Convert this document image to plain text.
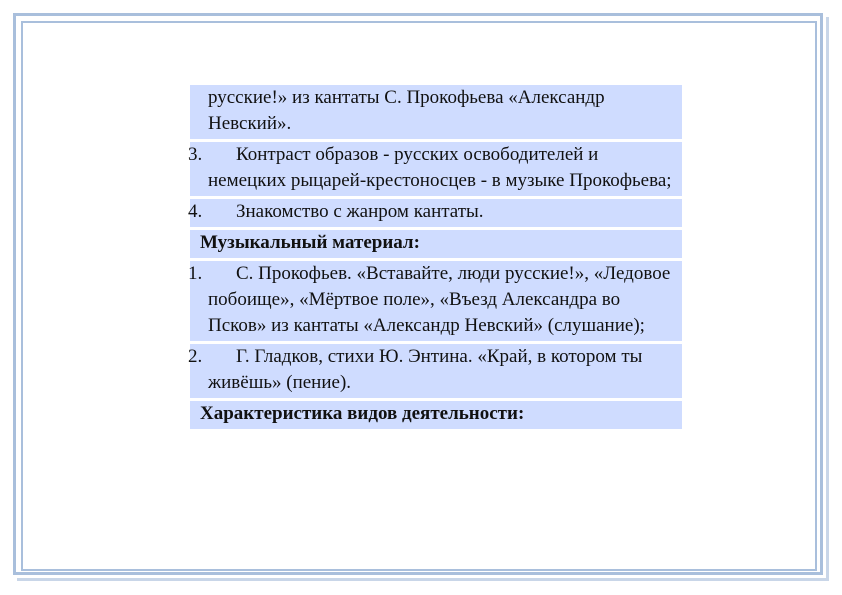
русские!» из кантаты С. Прокофьева «Александр Невский».
3.	Контраст образов - русских освободителей и немецких рыцарей-крестоносцев - в музыке Прокофьева;
4.	Знакомство с жанром кантаты.
Музыкальный материал:
1.	С. Прокофьев. «Вставайте, люди русские!», «Ледовое побоище», «Мёртвое поле», «Въезд Александра во Псков» из кантаты «Александр Невский» (слушание);
2.	Г. Гладков, стихи Ю. Энтина. «Край, в котором ты живёшь» (пение).
Характеристика видов деятельности:
